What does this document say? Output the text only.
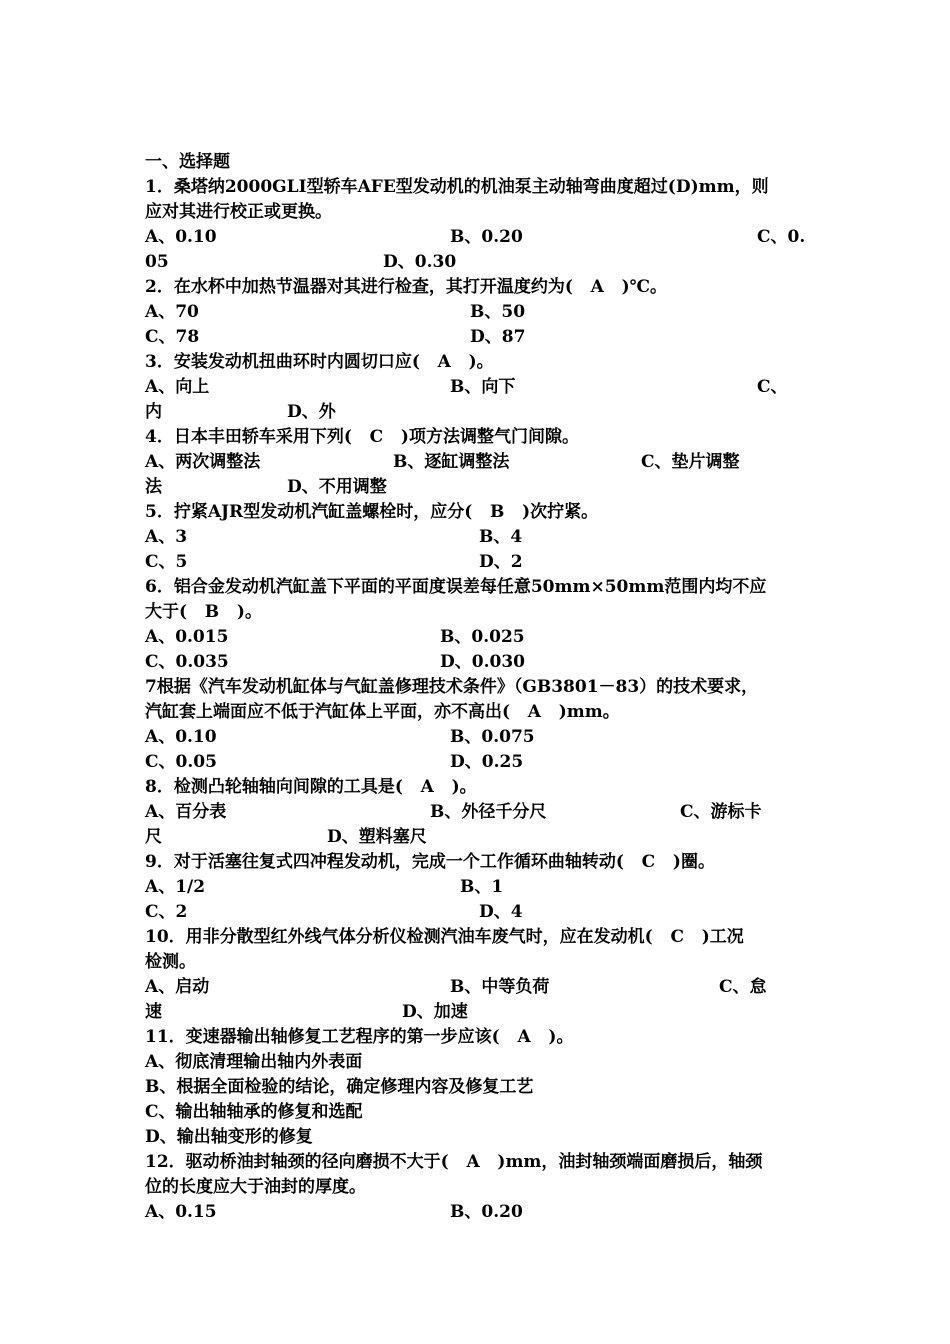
一、选择题
1．桑塔纳2000GLI型轿车AFE型发动机的机油泵主动轴弯曲度超过(D)mm，则
应对其进行校正或更换。
A、0.10	B、0.20	C、0.
05	D、0.30
2．在水杯中加热节温器对其进行检查，其打开温度约为(   A   )℃。
A、70	B、50
C、78	D、87
3．安装发动机扭曲环时内圆切口应(   A   )。
A、向上	B、向下	C、
内	D、外
4．日本丰田轿车采用下列(   C   )项方法调整气门间隙。
A、两次调整法	B、逐缸调整法	C、垫片调整
法	D、不用调整
5．拧紧AJR型发动机汽缸盖螺栓时，应分(   B   )次拧紧。
A、3	B、4
C、5	D、2
6．铝合金发动机汽缸盖下平面的平面度误差每任意50mm×50mm范围内均不应
大于(   B   )。
A、0.015	B、0.025
C、0.035	D、0.030
7根据《汽车发动机缸体与气缸盖修理技术条件》（GB3801－83）的技术要求，
汽缸套上端面应不低于汽缸体上平面，亦不高出(   A   )mm。
A、0.10	B、0.075
C、0.05	D、0.25
8．检测凸轮轴轴向间隙的工具是(   A   )。
A、百分表	B、外径千分尺	C、游标卡
尺	D、塑料塞尺
9．对于活塞往复式四冲程发动机，完成一个工作循环曲轴转动(   C   )圈。
A、1/2	B、1
C、2	D、4
10．用非分散型红外线气体分析仪检测汽油车废气时，应在发动机(   C   )工况
检测。
A、启动	B、中等负荷	C、怠
速	D、加速
11．变速器输出轴修复工艺程序的第一步应该(   A   )。
A、彻底清理输出轴内外表面
B、根据全面检验的结论，确定修理内容及修复工艺
C、输出轴轴承的修复和选配
D、输出轴变形的修复
12．驱动桥油封轴颈的径向磨损不大于(   A   )mm，油封轴颈端面磨损后，轴颈
位的长度应大于油封的厚度。
A、0.15	B、0.20
